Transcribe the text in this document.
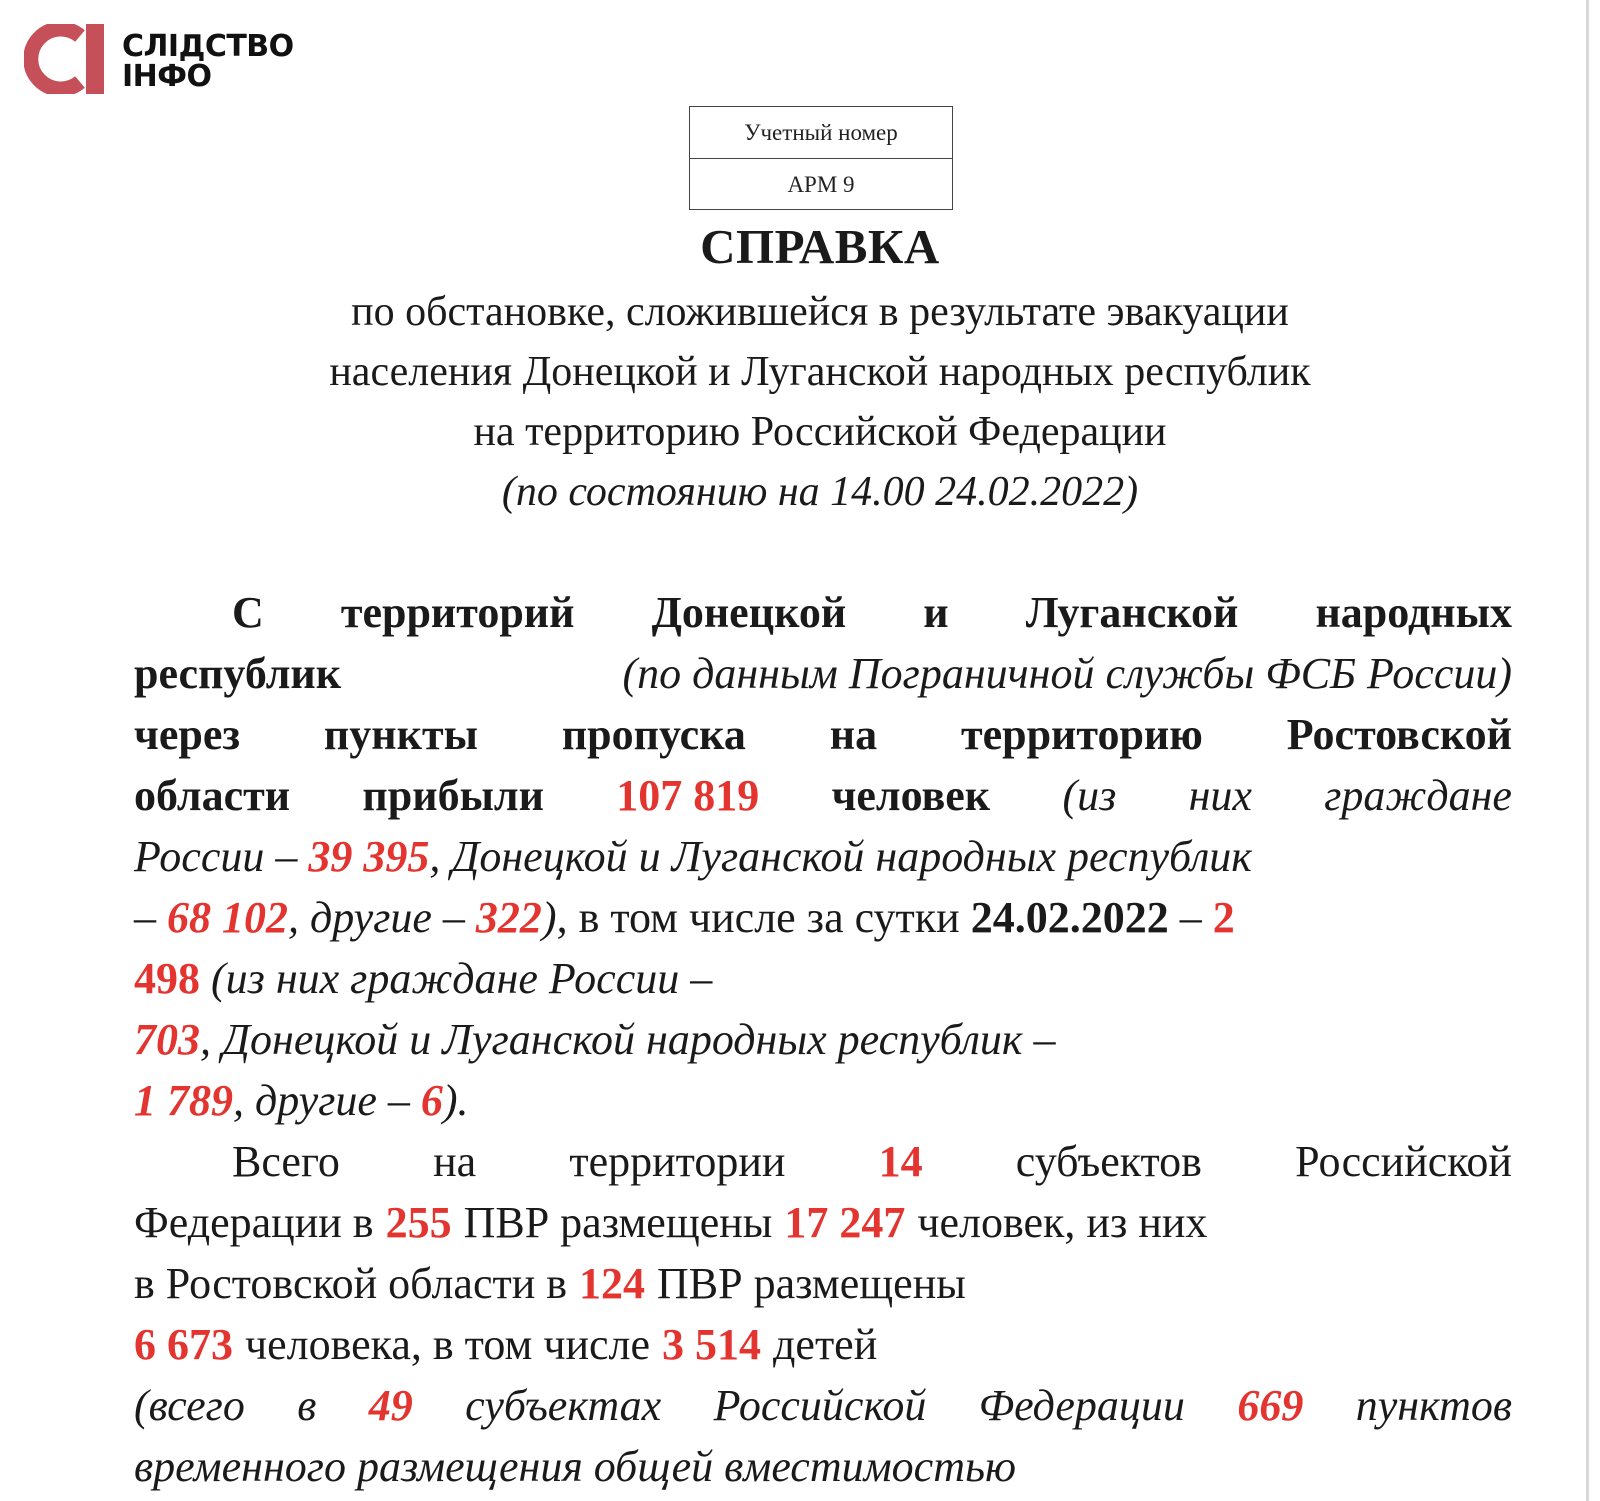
СЛІДСТВО
ІНФО
Учетный номер
АРМ 9
СПРАВКА
по обстановке, сложившейся в результате эвакуации
населения Донецкой и Луганской народных республик
на территорию Российской Федерации
(по состоянию на 14.00 24.02.2022)
С территорий Донецкой и Луганской народных
республик	(по данным Пограничной службы ФСБ России)
через пункты пропуска на территорию Ростовской
области прибыли 107 819 человек (из них граждане
России – 39 395, Донецкой и Луганской народных республик
– 68 102, другие – 322), в том числе за сутки 24.02.2022 – 2
498 (из них граждане России –
703, Донецкой и Луганской народных республик –
1 789, другие – 6).
Всего на территории 14 субъектов Российской
Федерации в 255 ПВР размещены 17 247 человек, из них
в Ростовской области в 124 ПВР размещены
6 673 человека, в том числе 3 514 детей
(всего в 49 субъектах Российской Федерации 669 пунктов
временного размещения общей вместимостью
